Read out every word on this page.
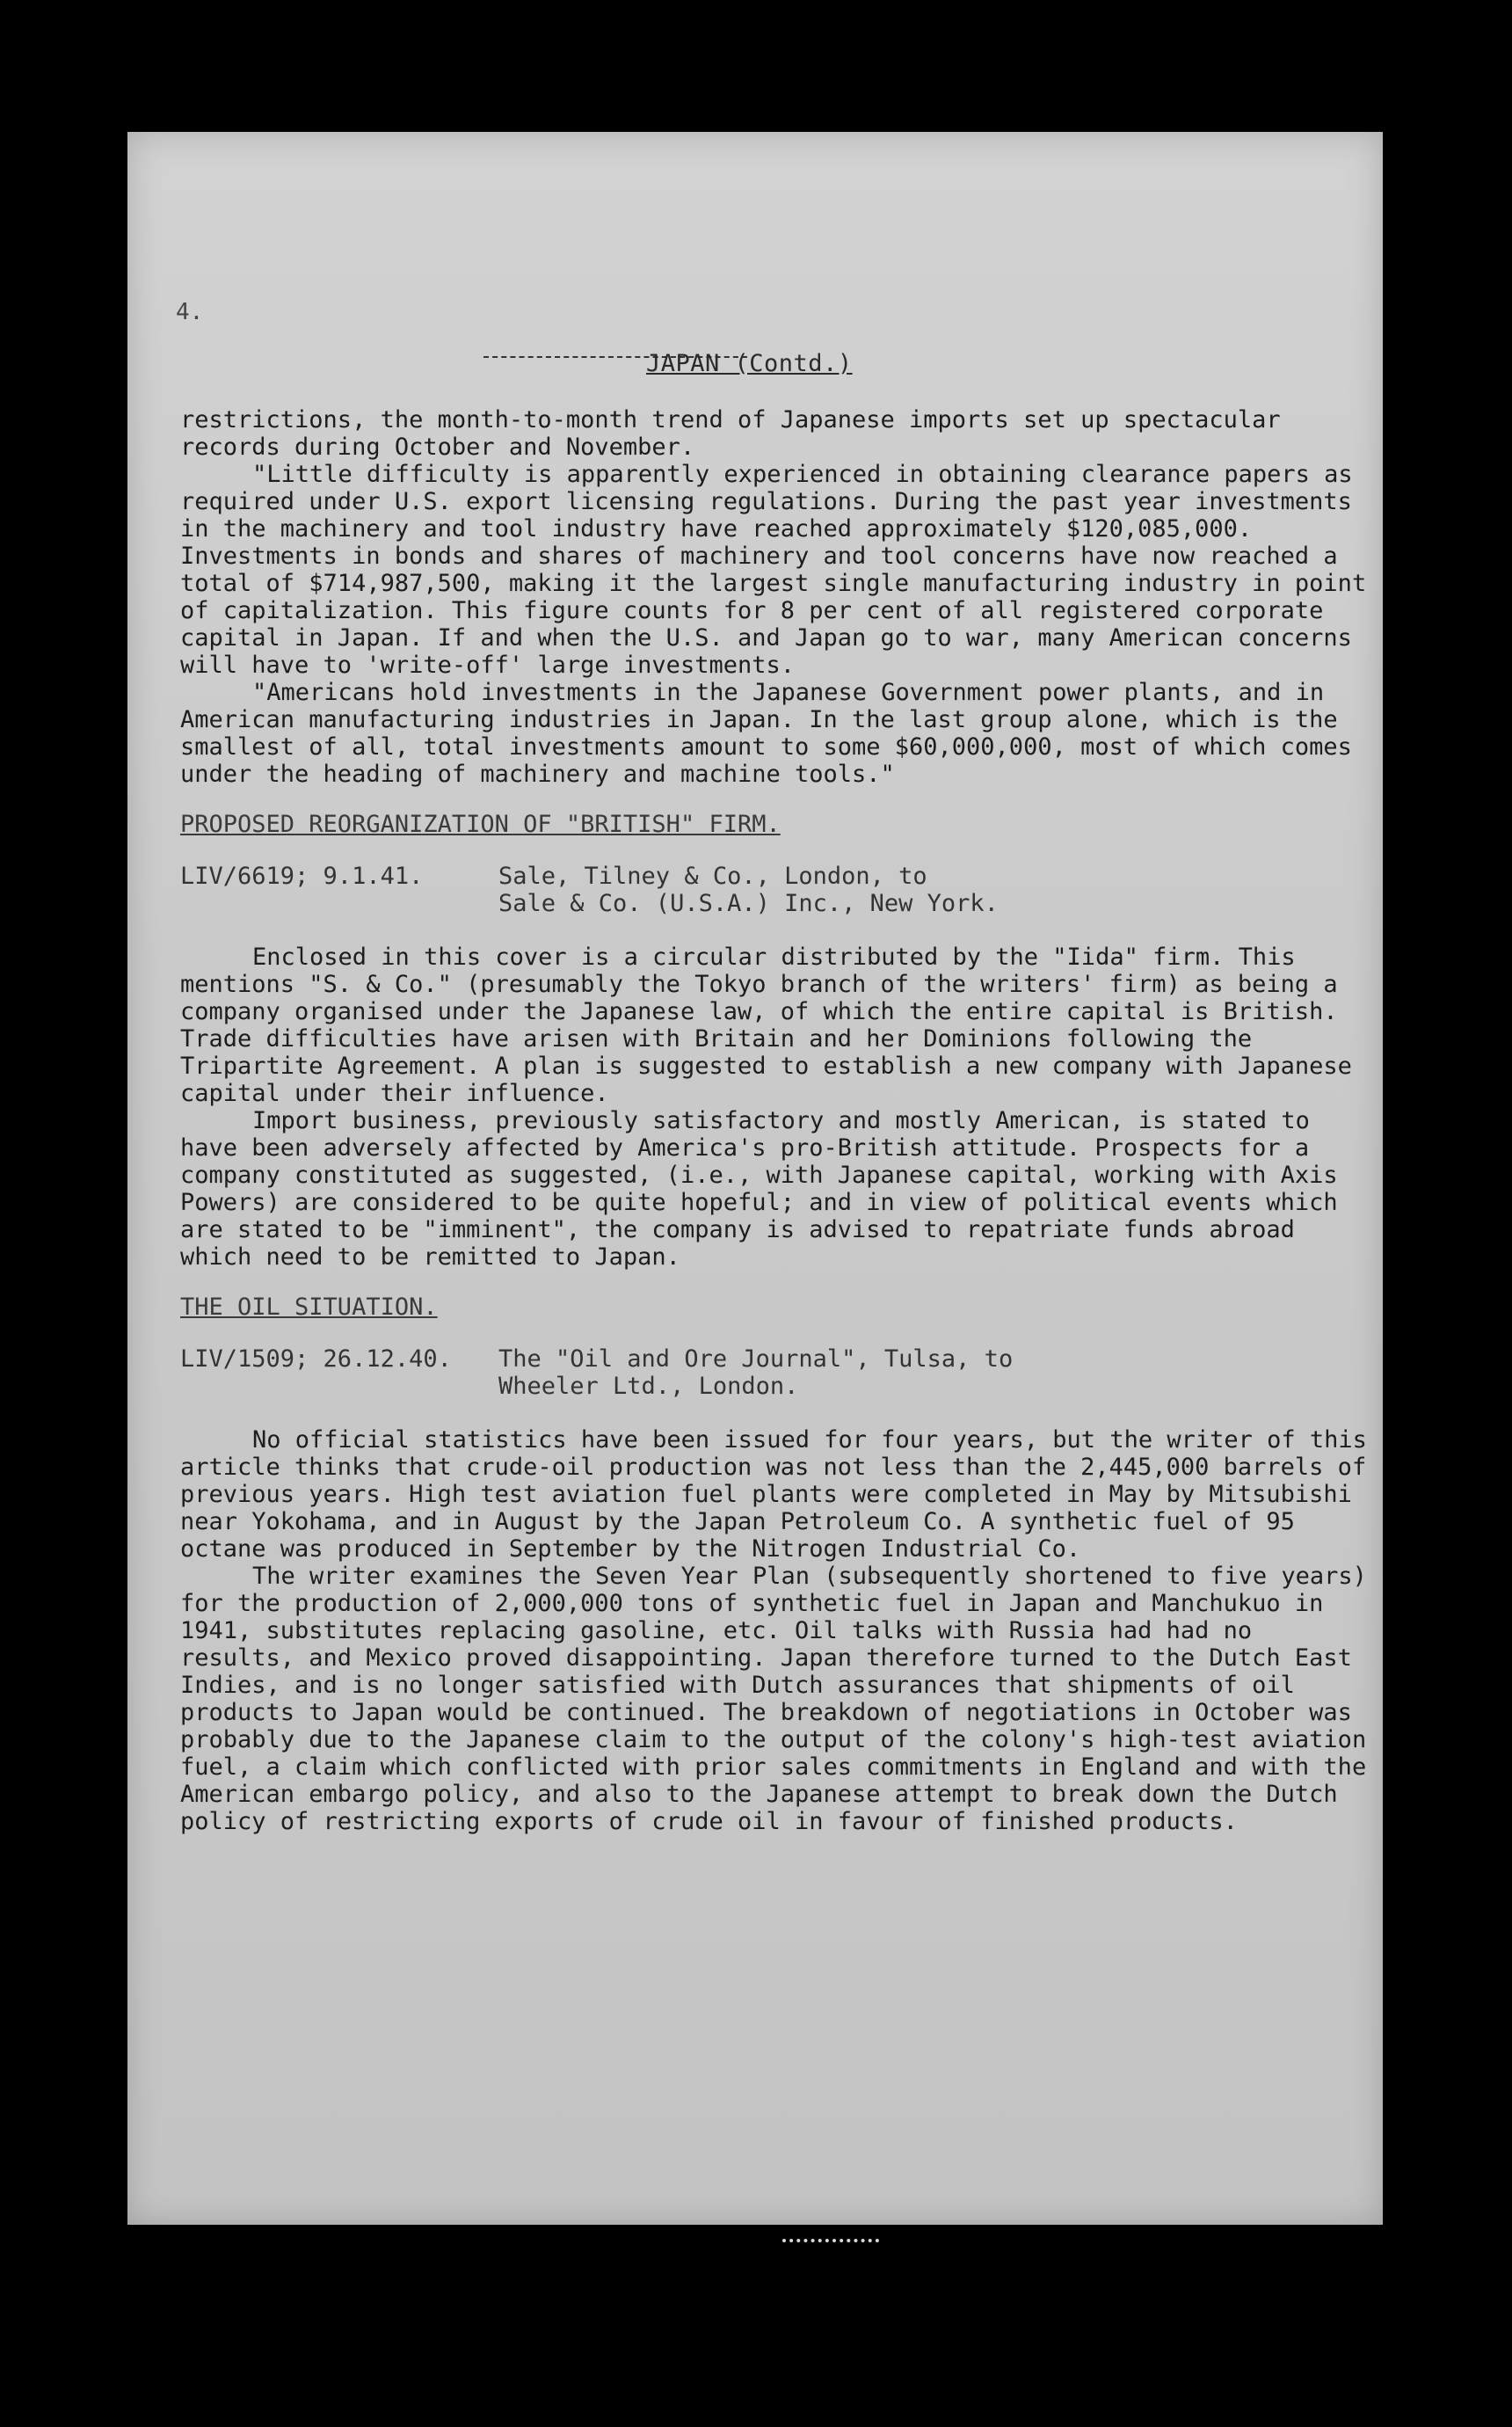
4.
JAPAN (Contd.)

restrictions, the month-to-month trend of Japanese imports set up spectacular records during October and November.

"Little difficulty is apparently experienced in obtaining clearance papers as required under U.S. export licensing regulations. During the past year investments in the machinery and tool industry have reached approximately $120,085,000. Investments in bonds and shares of machinery and tool concerns have now reached a total of $714,987,500, making it the largest single manufacturing industry in point of capitalization. This figure counts for 8 per cent of all registered corporate capital in Japan. If and when the U.S. and Japan go to war, many American concerns will have to 'write-off' large investments.

"Americans hold investments in the Japanese Government power plants, and in American manufacturing industries in Japan. In the last group alone, which is the smallest of all, total investments amount to some $60,000,000, most of which comes under the heading of machinery and machine tools."

PROPOSED REORGANIZATION OF "BRITISH" FIRM.
LIV/6619; 9.1.41.	Sale, Tilney & Co., London, to
Sale & Co. (U.S.A.) Inc., New York.

Enclosed in this cover is a circular distributed by the "Iida" firm. This mentions "S. & Co." (presumably the Tokyo branch of the writers' firm) as being a company organised under the Japanese law, of which the entire capital is British. Trade difficulties have arisen with Britain and her Dominions following the Tripartite Agreement. A plan is suggested to establish a new company with Japanese capital under their influence.

Import business, previously satisfactory and mostly American, is stated to have been adversely affected by America's pro-British attitude. Prospects for a company constituted as suggested, (i.e., with Japanese capital, working with Axis Powers) are considered to be quite hopeful; and in view of political events which are stated to be "imminent", the company is advised to repatriate funds abroad which need to be remitted to Japan.

THE OIL SITUATION.
LIV/1509; 26.12.40.	The "Oil and Ore Journal", Tulsa, to
Wheeler Ltd., London.

No official statistics have been issued for four years, but the writer of this article thinks that crude-oil production was not less than the 2,445,000 barrels of previous years. High test aviation fuel plants were completed in May by Mitsubishi near Yokohama, and in August by the Japan Petroleum Co. A synthetic fuel of 95 octane was produced in September by the Nitrogen Industrial Co.

The writer examines the Seven Year Plan (subsequently shortened to five years) for the production of 2,000,000 tons of synthetic fuel in Japan and Manchukuo in 1941, substitutes replacing gasoline, etc. Oil talks with Russia had had no results, and Mexico proved disappointing. Japan therefore turned to the Dutch East Indies, and is no longer satisfied with Dutch assurances that shipments of oil products to Japan would be continued. The breakdown of negotiations in October was probably due to the Japanese claim to the output of the colony's high-test aviation fuel, a claim which conflicted with prior sales commitments in England and with the American embargo policy, and also to the Japanese attempt to break down the Dutch policy of restricting exports of crude oil in favour of finished products.
